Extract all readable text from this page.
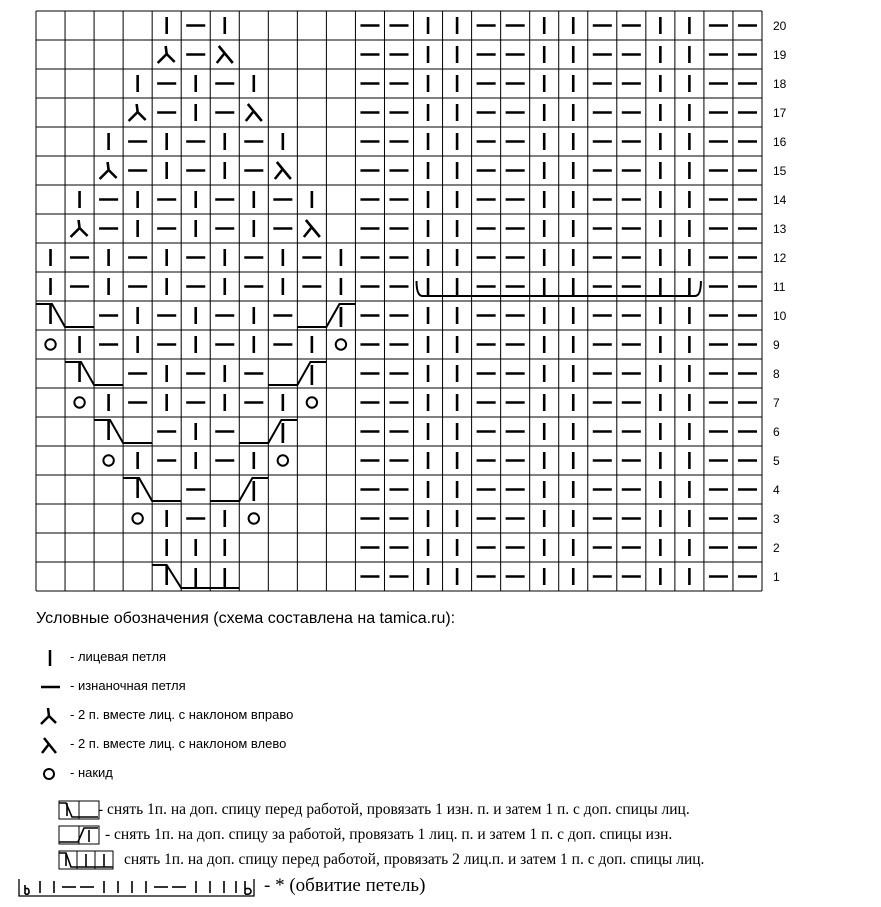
20
19
18
17
16
15
14
13
12
11
10
9
8
7
6
5
4
3
2
1
Условные обозначения (схема составлена на tamica.ru):
- лицевая петля
- изнаночная петля
- 2 п. вместе лиц. с наклоном вправо
- 2 п. вместе лиц. с наклоном влево
- накид
- снять 1п. на доп. спицу перед работой, провязать 1 изн. п. и затем 1 п. с доп. спицы лиц.
- снять 1п. на доп. спицу за работой, провязать 1 лиц. п. и затем 1 п. с доп. спицы изн.
снять 1п. на доп. спицу перед работой, провязать 2 лиц.п. и затем 1 п. с доп. спицы лиц.
- * (обвитие петель)
